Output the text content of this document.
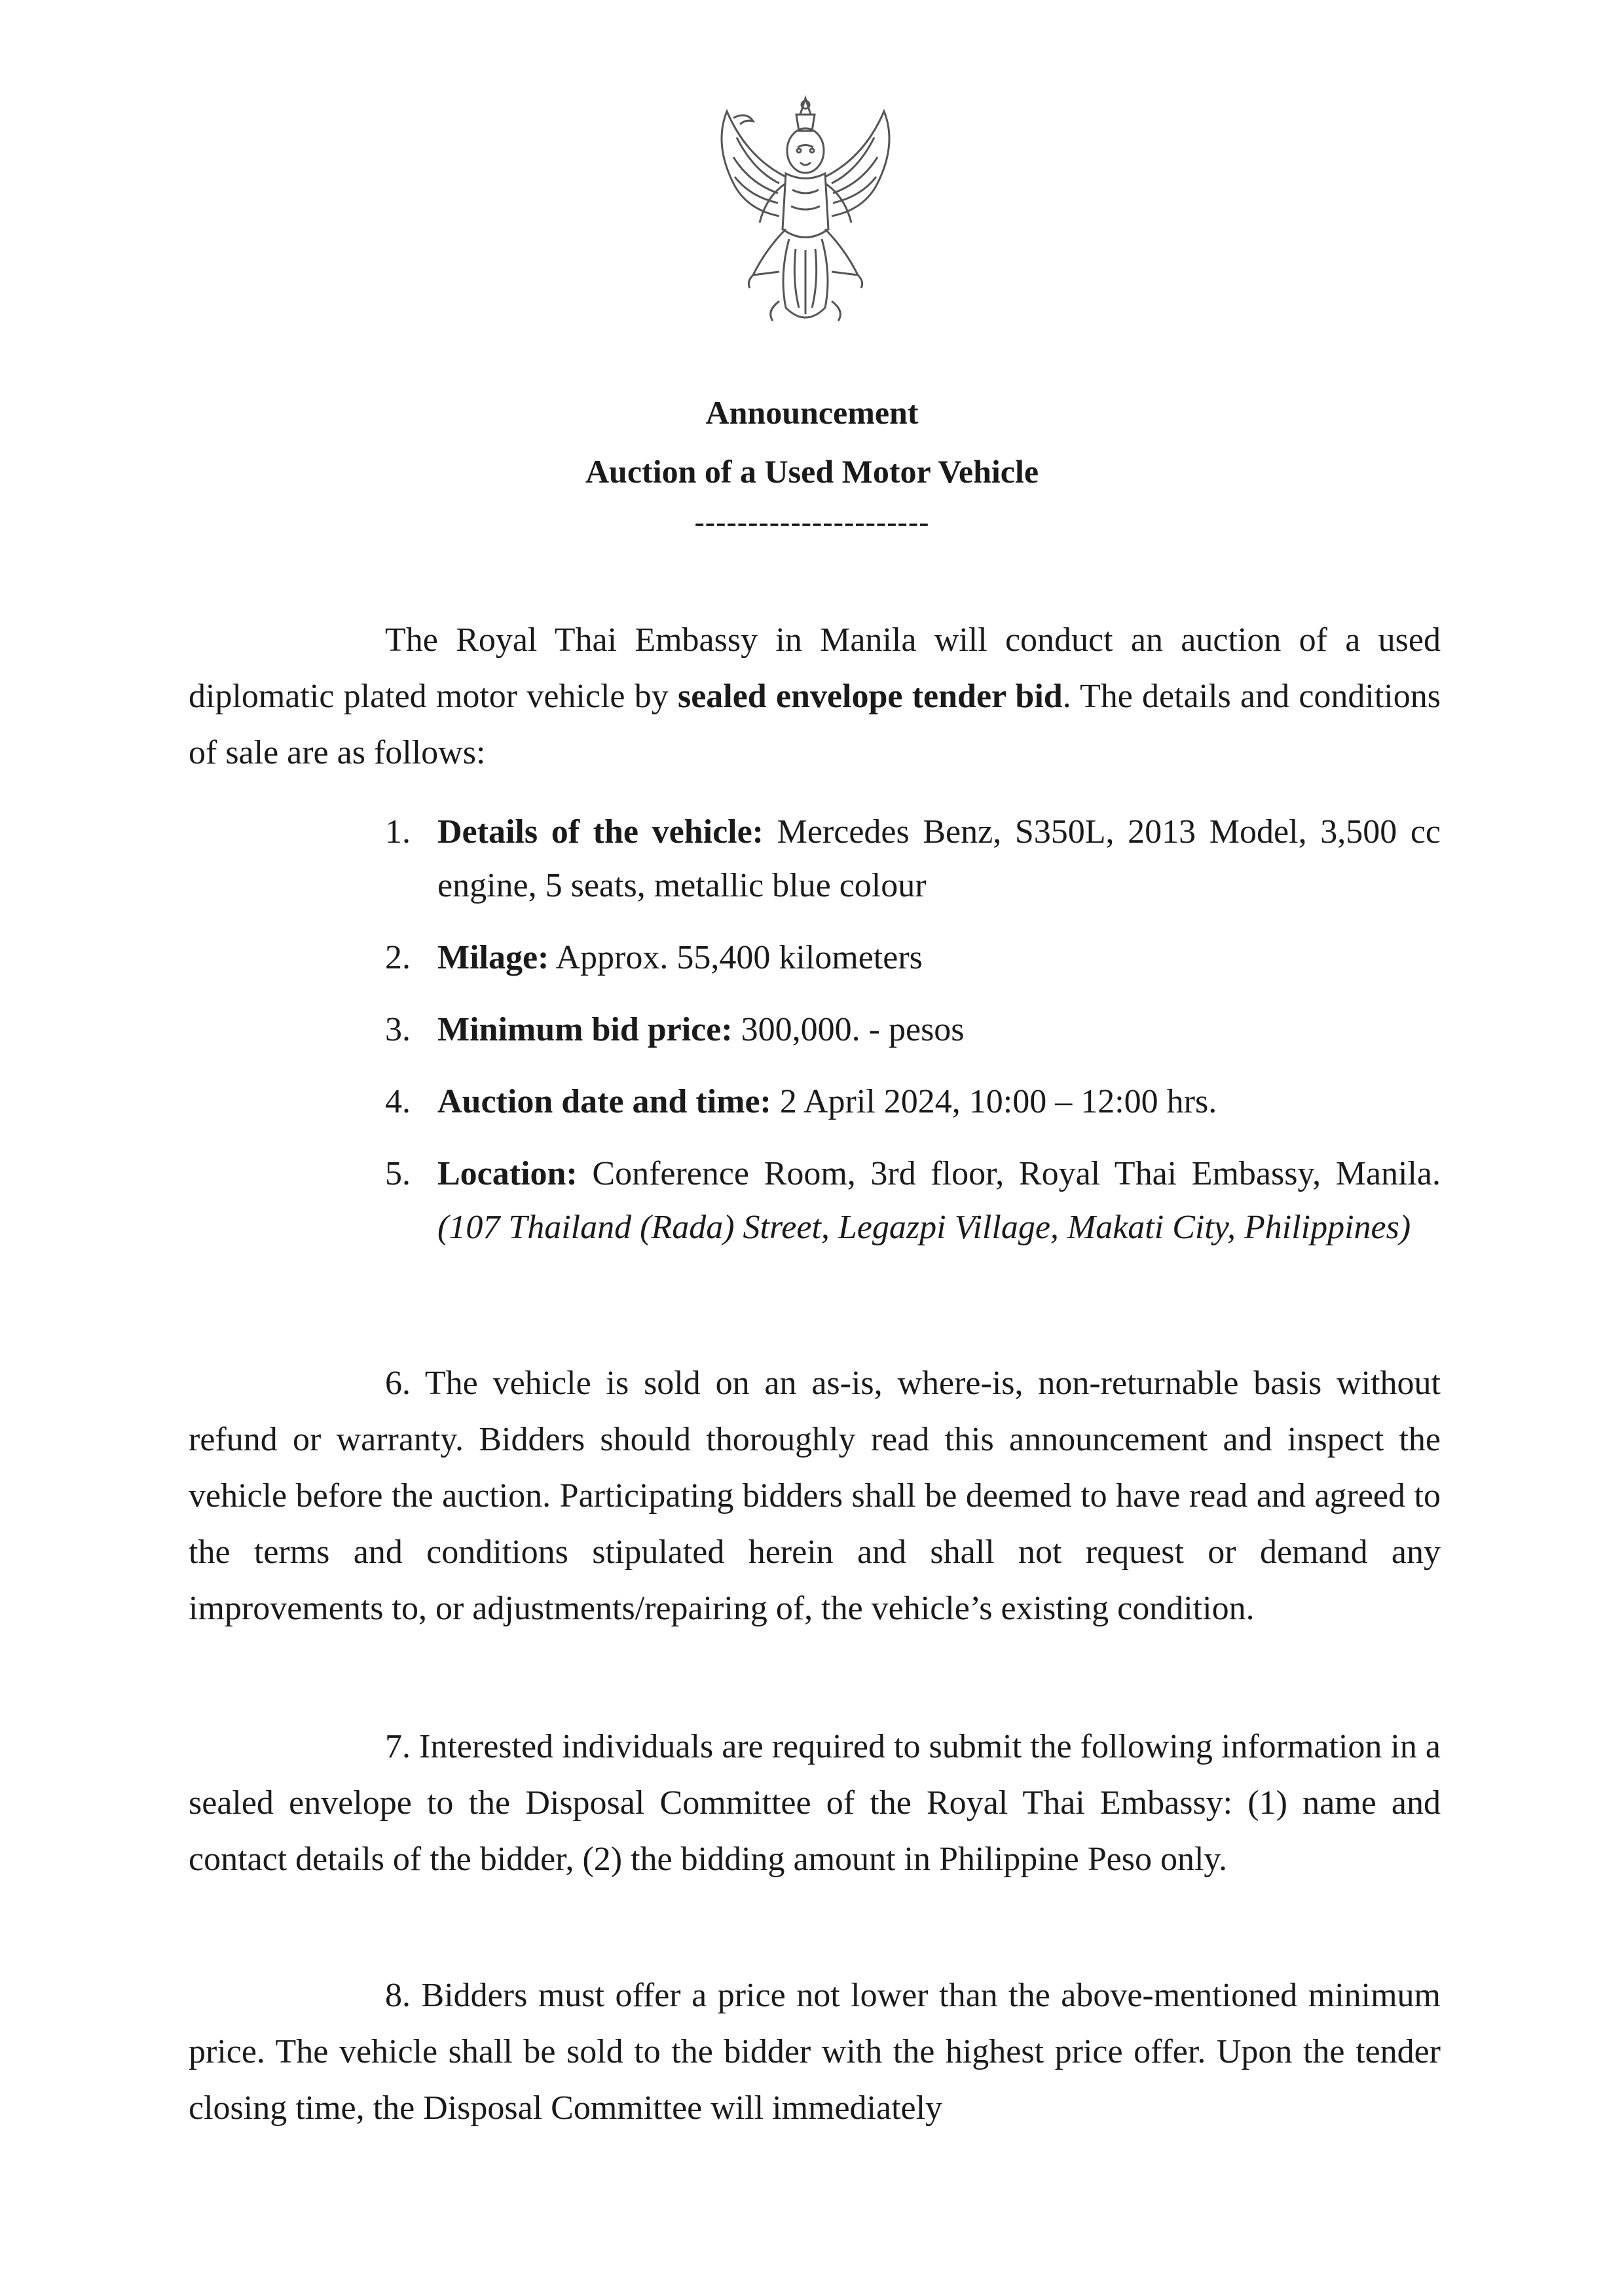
Announcement
Auction of a Used Motor Vehicle
----------------------

The Royal Thai Embassy in Manila will conduct an auction of a used diplomatic plated motor vehicle by sealed envelope tender bid. The details and conditions of sale are as follows:

1. Details of the vehicle: Mercedes Benz, S350L, 2013 Model, 3,500 cc engine, 5 seats, metallic blue colour
2. Milage: Approx. 55,400 kilometers
3. Minimum bid price: 300,000. - pesos
4. Auction date and time: 2 April 2024, 10:00 – 12:00 hrs.
5. Location: Conference Room, 3rd floor, Royal Thai Embassy, Manila. (107 Thailand (Rada) Street, Legazpi Village, Makati City, Philippines)

6. The vehicle is sold on an as-is, where-is, non-returnable basis without refund or warranty. Bidders should thoroughly read this announcement and inspect the vehicle before the auction. Participating bidders shall be deemed to have read and agreed to the terms and conditions stipulated herein and shall not request or demand any improvements to, or adjustments/repairing of, the vehicle’s existing condition.

7. Interested individuals are required to submit the following information in a sealed envelope to the Disposal Committee of the Royal Thai Embassy: (1) name and contact details of the bidder, (2) the bidding amount in Philippine Peso only.

8. Bidders must offer a price not lower than the above-mentioned minimum price. The vehicle shall be sold to the bidder with the highest price offer. Upon the tender closing time, the Disposal Committee will immediately
